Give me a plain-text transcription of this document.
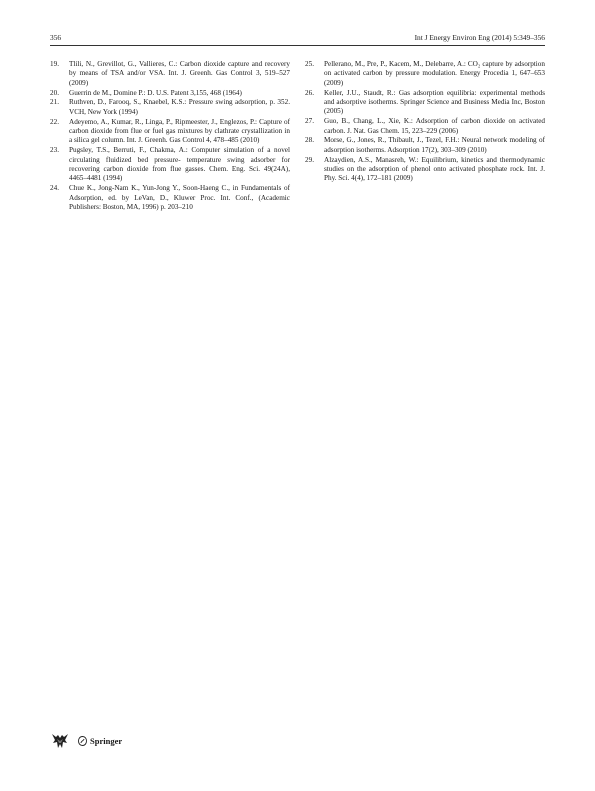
356	Int J Energy Environ Eng (2014) 5:349–356
19.	Tlili, N., Grevillot, G., Vallieres, C.: Carbon dioxide capture and recovery by means of TSA and/or VSA. Int. J. Greenh. Gas Control 3, 519–527 (2009)
20.	Guerrin de M., Domine P.: D. U.S. Patent 3,155, 468 (1964)
21.	Ruthven, D., Farooq, S., Knaebel, K.S.: Pressure swing adsorption, p. 352. VCH, New York (1994)
22.	Adeyemo, A., Kumar, R., Linga, P., Ripmeester, J., Englezos, P.: Capture of carbon dioxide from flue or fuel gas mixtures by clathrate crystallization in a silica gel column. Int. J. Greenh. Gas Control 4, 478–485 (2010)
23.	Pugsley, T.S., Berruti, F., Chakma, A.: Computer simulation of a novel circulating fluidized bed pressure- temperature swing adsorber for recovering carbon dioxide from flue gasses. Chem. Eng. Sci. 49(24A), 4465–4481 (1994)
24.	Chue K., Jong-Nam K., Yun-Jong Y., Soon-Haeng C., in Fundamentals of Adsorption, ed. by LeVan, D., Kluwer Proc. Int. Conf., (Academic Publishers: Boston, MA, 1996) p. 203–210
25.	Pellerano, M., Pre, P., Kacem, M., Delebarre, A.: CO₂ capture by adsorption on activated carbon by pressure modulation. Energy Procedia 1, 647–653 (2009)
26.	Keller, J.U., Staudt, R.: Gas adsorption equilibria: experimental methods and adsorptive isotherms. Springer Science and Business Media Inc, Boston (2005)
27.	Guo, B., Chang, L., Xie, K.: Adsorption of carbon dioxide on activated carbon. J. Nat. Gas Chem. 15, 223–229 (2006)
28.	Morse, G., Jones, R., Thibault, J., Tezel, F.H.: Neural network modeling of adsorption isotherms. Adsorption 17(2), 303–309 (2010)
29.	Alzaydien, A.S., Manasreh, W.: Equilibrium, kinetics and thermodynamic studies on the adsorption of phenol onto activated phosphate rock. Int. J. Phy. Sci. 4(4), 172–181 (2009)
Springer
